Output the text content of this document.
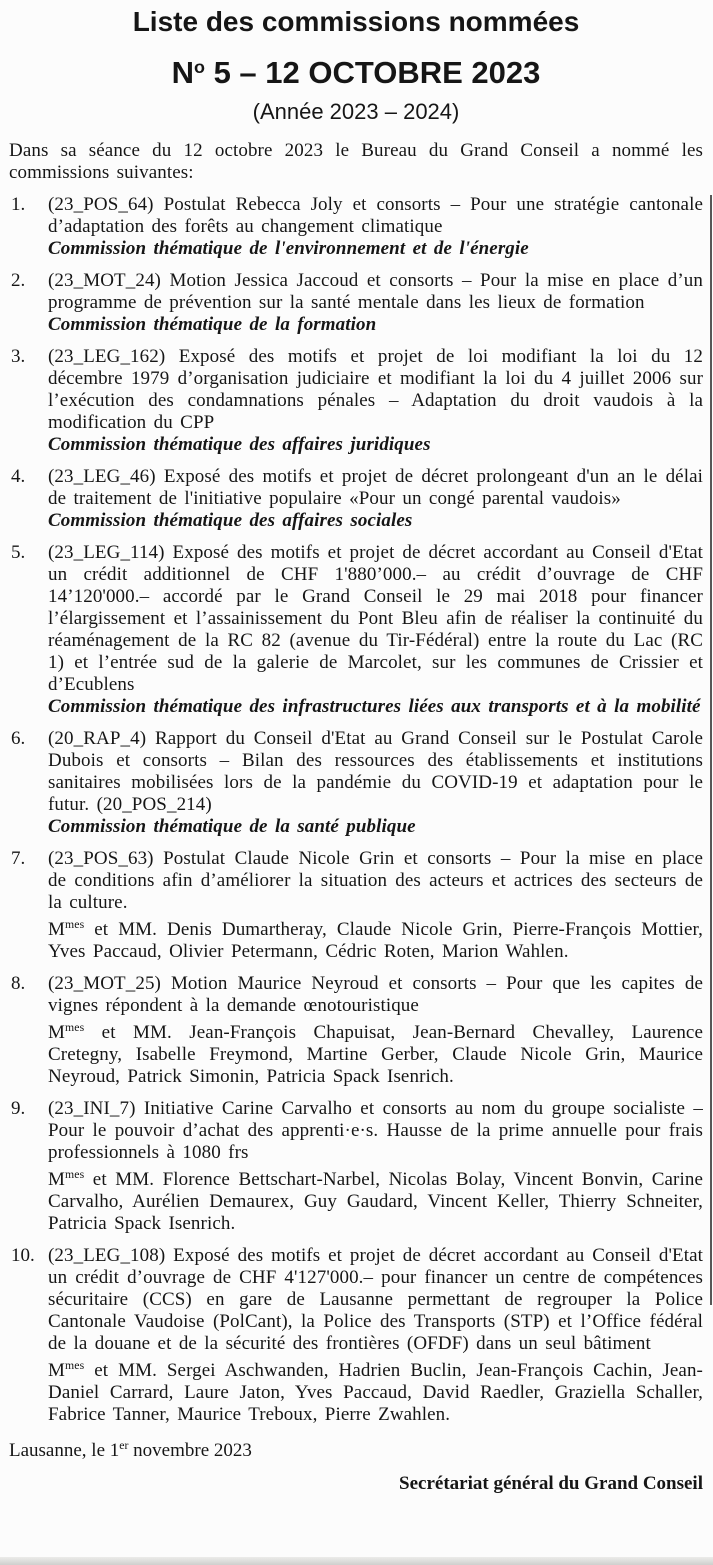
Liste des commissions nommées
$N^o$ 5 – 12 OCTOBRE 2023
(Année 2023 – 2024)

Dans sa séance du 12 octobre 2023 le Bureau du Grand Conseil a nommé les commissions suivantes:

1. (23_POS_64) Postulat Rebecca Joly et consorts – Pour une stratégie cantonale d’adaptation des forêts au changement climatique
Commission thématique de l'environnement et de l'énergie
2. (23_MOT_24) Motion Jessica Jaccoud et consorts – Pour la mise en place d’un programme de prévention sur la santé mentale dans les lieux de formation
Commission thématique de la formation
3. (23_LEG_162) Exposé des motifs et projet de loi modifiant la loi du 12 décembre 1979 d’organisation judiciaire et modifiant la loi du 4 juillet 2006 sur l’exécution des condamnations pénales – Adaptation du droit vaudois à la modification du CPP
Commission thématique des affaires juridiques
4. (23_LEG_46) Exposé des motifs et projet de décret prolongeant d'un an le délai de traitement de l'initiative populaire «Pour un congé parental vaudois»
Commission thématique des affaires sociales
5. (23_LEG_114) Exposé des motifs et projet de décret accordant au Conseil d'Etat un crédit additionnel de CHF 1'880’000.– au crédit d’ouvrage de CHF 14’120'000.– accordé par le Grand Conseil le 29 mai 2018 pour financer l’élargissement et l’assainissement du Pont Bleu afin de réaliser la continuité du réaménagement de la RC 82 (avenue du Tir-Fédéral) entre la route du Lac (RC 1) et l’entrée sud de la galerie de Marcolet, sur les communes de Crissier et d’Ecublens
Commission thématique des infrastructures liées aux transports et à la mobilité
6. (20_RAP_4) Rapport du Conseil d'Etat au Grand Conseil sur le Postulat Carole Dubois et consorts – Bilan des ressources des établissements et institutions sanitaires mobilisées lors de la pandémie du COVID-19 et adaptation pour le futur. (20_POS_214)
Commission thématique de la santé publique
7. (23_POS_63) Postulat Claude Nicole Grin et consorts – Pour la mise en place de conditions afin d’améliorer la situation des acteurs et actrices des secteurs de la culture.
$M^{mes}$ et MM. Denis Dumartheray, Claude Nicole Grin, Pierre-François Mottier, Yves Paccaud, Olivier Petermann, Cédric Roten, Marion Wahlen.
8. (23_MOT_25) Motion Maurice Neyroud et consorts – Pour que les capites de vignes répondent à la demande œnotouristique
$M^{mes}$ et MM. Jean-François Chapuisat, Jean-Bernard Chevalley, Laurence Cretegny, Isabelle Freymond, Martine Gerber, Claude Nicole Grin, Maurice Neyroud, Patrick Simonin, Patricia Spack Isenrich.
9. (23_INI_7) Initiative Carine Carvalho et consorts au nom du groupe socialiste – Pour le pouvoir d’achat des apprenti·e·s. Hausse de la prime annuelle pour frais professionnels à 1080 frs
$M^{mes}$ et MM. Florence Bettschart-Narbel, Nicolas Bolay, Vincent Bonvin, Carine Carvalho, Aurélien Demaurex, Guy Gaudard, Vincent Keller, Thierry Schneiter, Patricia Spack Isenrich.
10. (23_LEG_108) Exposé des motifs et projet de décret accordant au Conseil d'Etat un crédit d’ouvrage de CHF 4'127'000.– pour financer un centre de compétences sécuritaire (CCS) en gare de Lausanne permettant de regrouper la Police Cantonale Vaudoise (PolCant), la Police des Transports (STP) et l’Office fédéral de la douane et de la sécurité des frontières (OFDF) dans un seul bâtiment
$M^{mes}$ et MM. Sergei Aschwanden, Hadrien Buclin, Jean-François Cachin, Jean-Daniel Carrard, Laure Jaton, Yves Paccaud, David Raedler, Graziella Schaller, Fabrice Tanner, Maurice Treboux, Pierre Zwahlen.
Lausanne, le 1er novembre 2023
Secrétariat général du Grand Conseil
